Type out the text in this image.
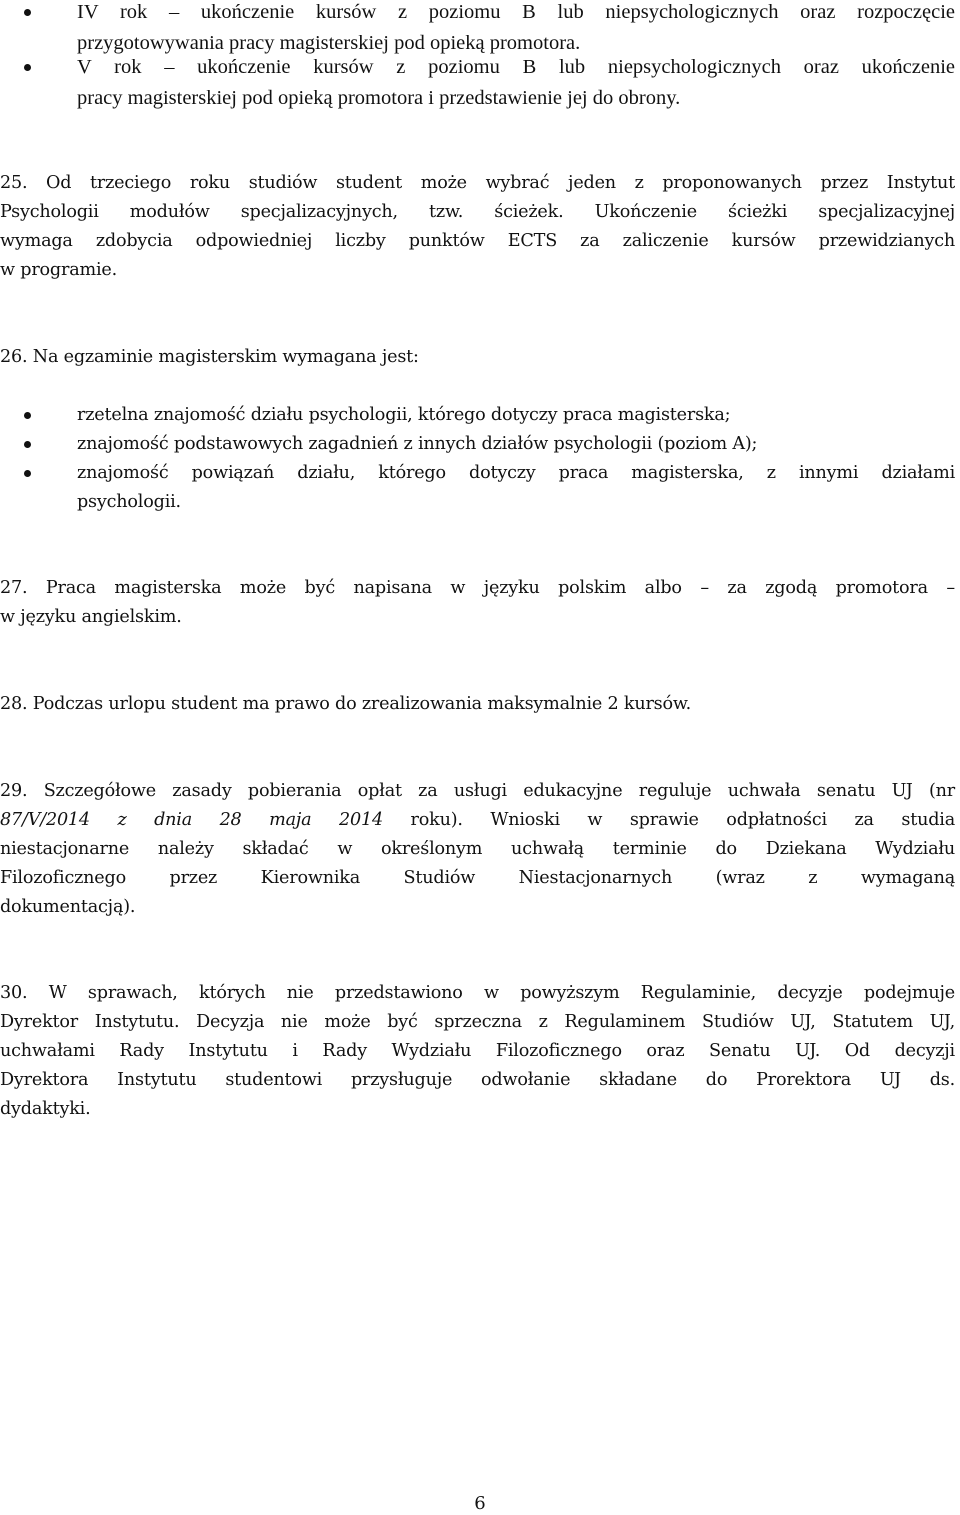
IV rok – ukończenie kursów z poziomu B lub niepsychologicznych oraz rozpoczęcie
przygotowywania pracy magisterskiej pod opieką promotora.
V rok – ukończenie kursów z poziomu B lub niepsychologicznych oraz ukończenie
pracy magisterskiej pod opieką promotora i przedstawienie jej do obrony.
25. Od trzeciego roku studiów student może wybrać jeden z proponowanych przez Instytut
Psychologii modułów specjalizacyjnych, tzw. ścieżek. Ukończenie ścieżki specjalizacyjnej
wymaga zdobycia odpowiedniej liczby punktów ECTS za zaliczenie kursów przewidzianych
w programie.
26. Na egzaminie magisterskim wymagana jest:
rzetelna znajomość działu psychologii, którego dotyczy praca magisterska;
znajomość podstawowych zagadnień z innych działów psychologii (poziom A);
znajomość powiązań działu, którego dotyczy praca magisterska, z innymi działami
psychologii.
27. Praca magisterska może być napisana w języku polskim albo – za zgodą promotora –
w języku angielskim.
28. Podczas urlopu student ma prawo do zrealizowania maksymalnie 2 kursów.
29. Szczegółowe zasady pobierania opłat za usługi edukacyjne reguluje uchwała senatu UJ (nr
87/V/2014 z dnia 28 maja 2014 roku). Wnioski w sprawie odpłatności za studia
niestacjonarne należy składać w określonym uchwałą terminie do Dziekana Wydziału
Filozoficznego przez Kierownika Studiów Niestacjonarnych (wraz z wymaganą
dokumentacją).
30. W sprawach, których nie przedstawiono w powyższym Regulaminie, decyzje podejmuje
Dyrektor Instytutu. Decyzja nie może być sprzeczna z Regulaminem Studiów UJ, Statutem UJ,
uchwałami Rady Instytutu i Rady Wydziału Filozoficznego oraz Senatu UJ. Od decyzji
Dyrektora Instytutu studentowi przysługuje odwołanie składane do Prorektora UJ ds.
dydaktyki.
6
